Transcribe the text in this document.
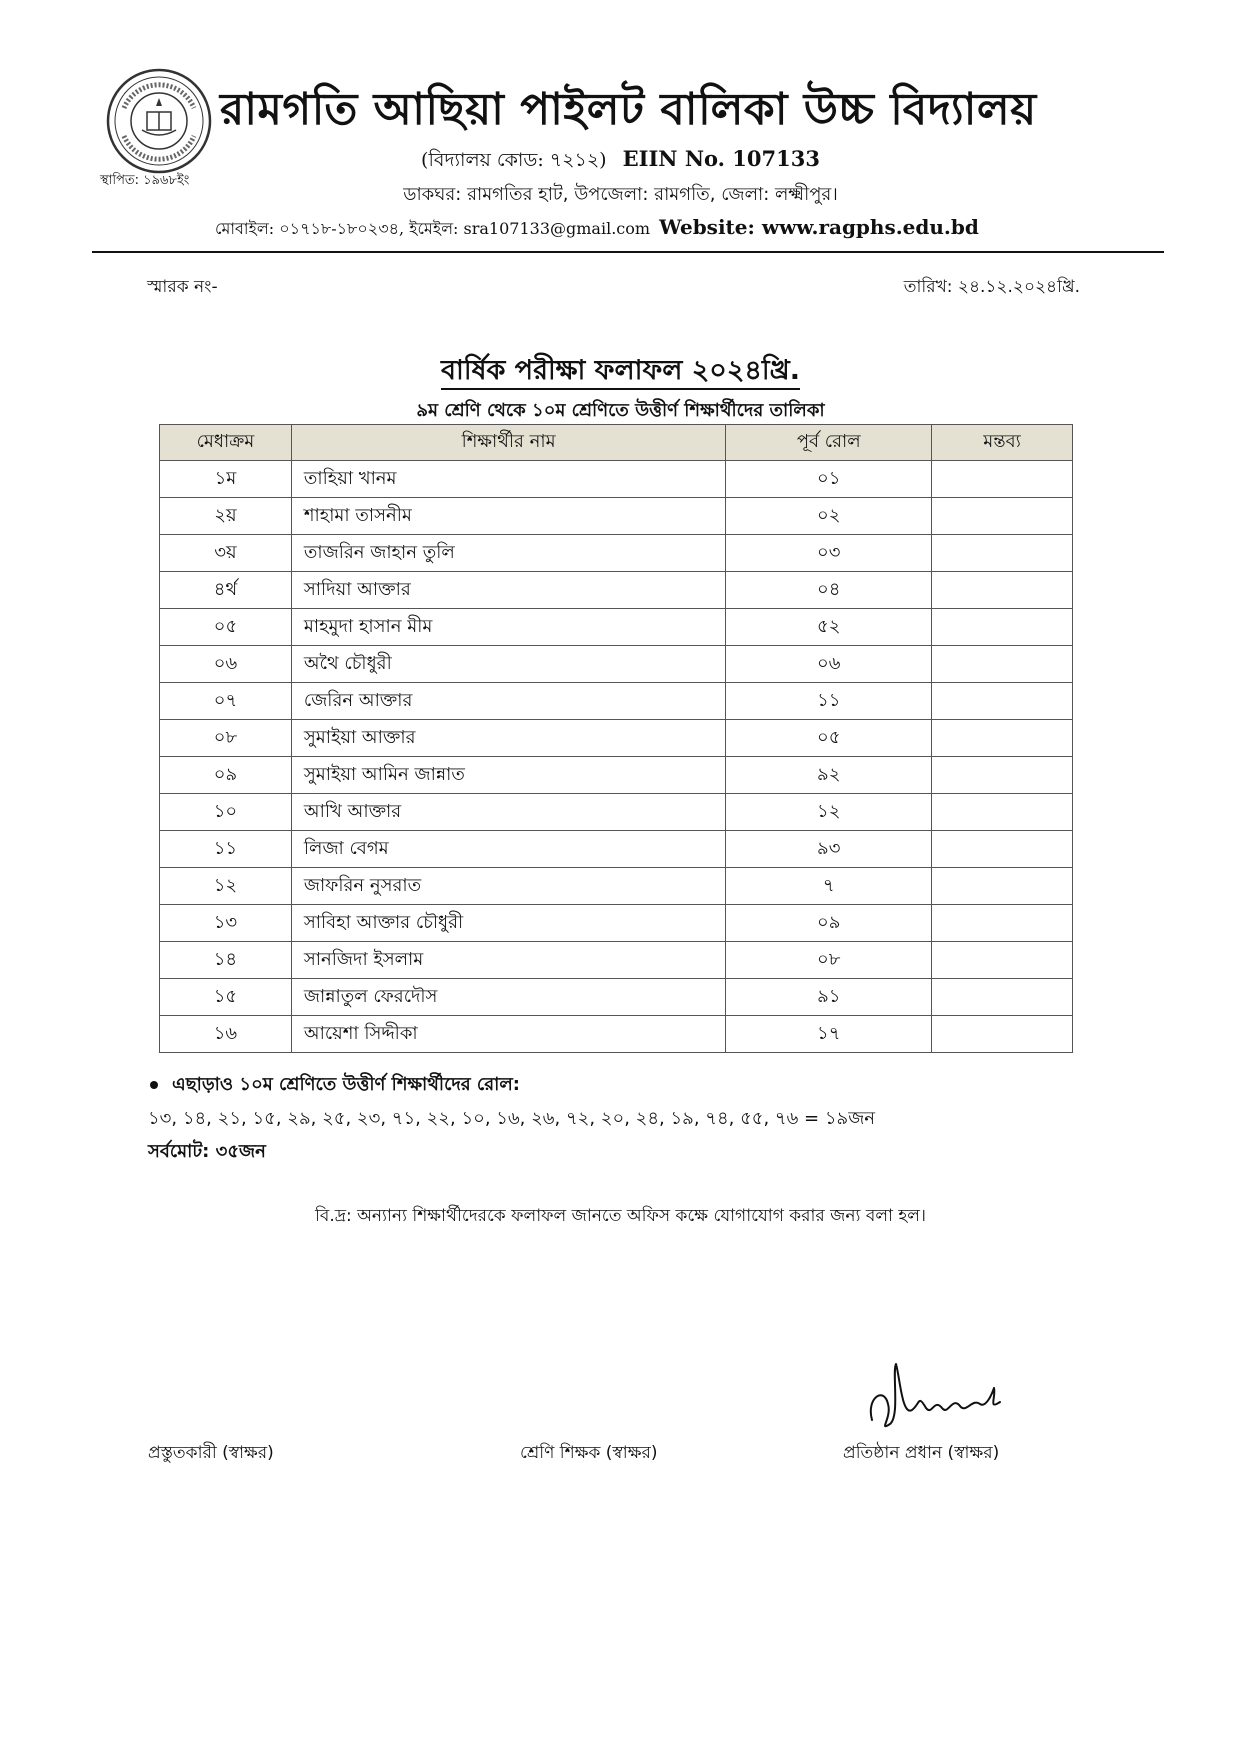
স্থাপিত: ১৯৬৮ইং
রামগতি আছিয়া পাইলট বালিকা উচ্চ বিদ্যালয়
(বিদ্যালয় কোড: ৭২১২) EIIN No. 107133
ডাকঘর: রামগতির হাট, উপজেলা: রামগতি, জেলা: লক্ষ্মীপুর।
মোবাইল: ০১৭১৮-১৮০২৩৪, ইমেইল: sra107133@gmail.com Website: www.ragphs.edu.bd
স্মারক নং-	তারিখ: ২৪.১২.২০২৪খ্রি.
বার্ষিক পরীক্ষা ফলাফল ২০২৪খ্রি.
৯ম শ্রেণি থেকে ১০ম শ্রেণিতে উত্তীর্ণ শিক্ষার্থীদের তালিকা
মেধাক্রম	শিক্ষার্থীর নাম	পূর্ব রোল	মন্তব্য
১ম	তাহিয়া খানম	০১	
২য়	শাহামা তাসনীম	০২	
৩য়	তাজরিন জাহান তুলি	০৩	
৪র্থ	সাদিয়া আক্তার	০৪	
০৫	মাহমুদা হাসান মীম	৫২	
০৬	অথৈ চৌধুরী	০৬	
০৭	জেরিন আক্তার	১১	
০৮	সুমাইয়া আক্তার	০৫	
০৯	সুমাইয়া আমিন জান্নাত	৯২	
১০	আখি আক্তার	১২	
১১	লিজা বেগম	৯৩	
১২	জাফরিন নুসরাত	৭	
১৩	সাবিহা আক্তার চৌধুরী	০৯	
১৪	সানজিদা ইসলাম	০৮	
১৫	জান্নাতুল ফেরদৌস	৯১	
১৬	আয়েশা সিদ্দীকা	১৭	
এছাড়াও ১০ম শ্রেণিতে উত্তীর্ণ শিক্ষার্থীদের রোল:
১৩, ১৪, ২১, ১৫, ২৯, ২৫, ২৩, ৭১, ২২, ১০, ১৬, ২৬, ৭২, ২০, ২৪, ১৯, ৭৪, ৫৫, ৭৬ = ১৯জন
সর্বমোট: ৩৫জন
বি.দ্র: অন্যান্য শিক্ষার্থীদেরকে ফলাফল জানতে অফিস কক্ষে যোগাযোগ করার জন্য বলা হল।
প্রস্তুতকারী (স্বাক্ষর)	শ্রেণি শিক্ষক (স্বাক্ষর)	প্রতিষ্ঠান প্রধান (স্বাক্ষর)
